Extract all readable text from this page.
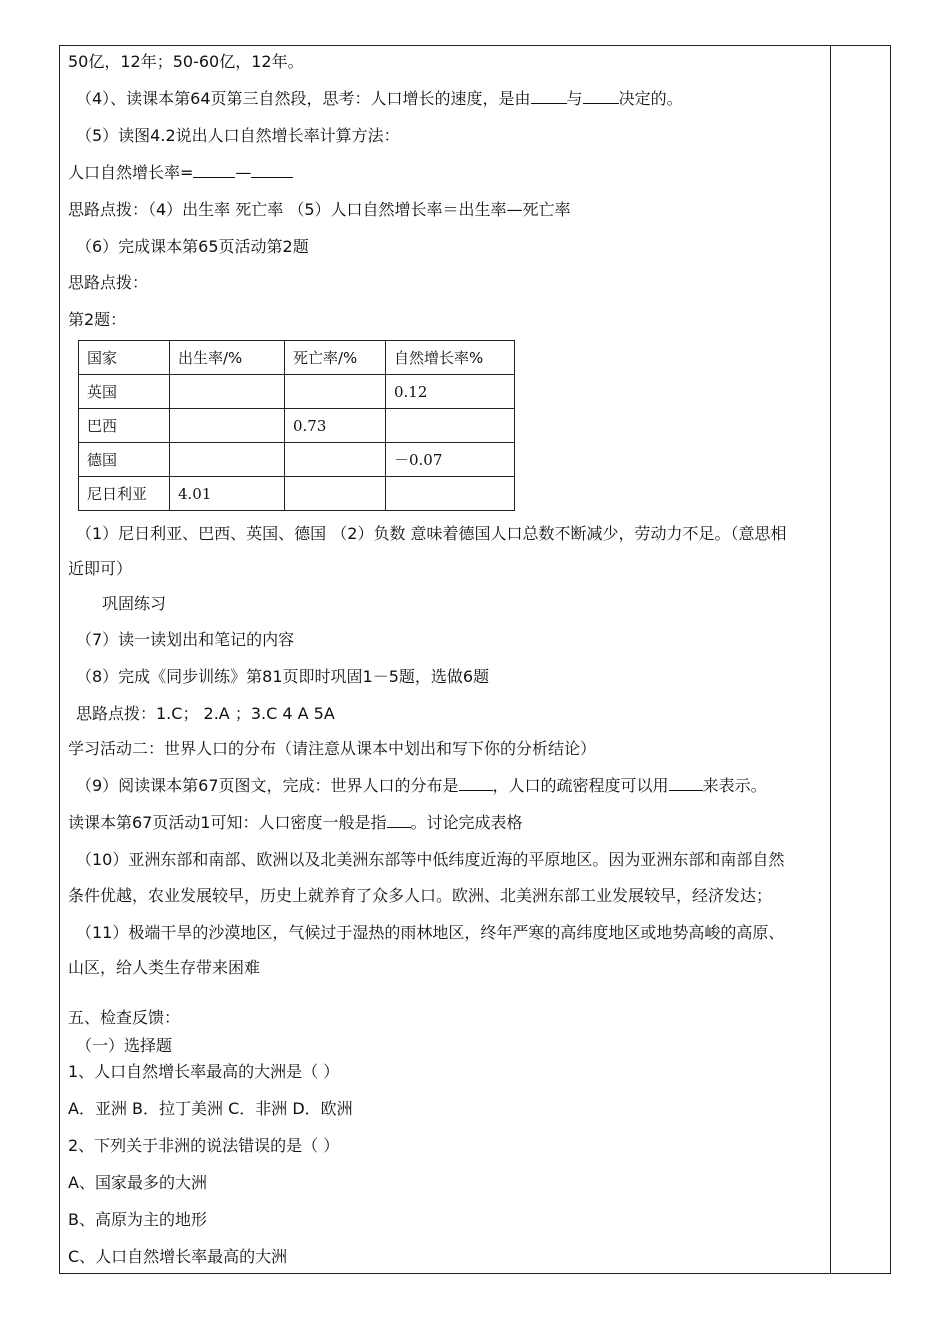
50亿，12年；50-60亿，12年。
（4）、读课本第64页第三自然段，思考：人口增长的速度，是由 与 决定的。
（5）读图4.2说出人口自然增长率计算方法：
人口自然增长率=	—
思路点拨：（4）出生率 死亡率 （5）人口自然增长率＝出生率—死亡率
（6）完成课本第65页活动第2题
思路点拨：
第2题：
国家	出生率/%	死亡率/%	自然增长率%
英国			0.12
巴西		0.73	
德国			－0.07
尼日利亚	4.01		
（1）尼日利亚、巴西、英国、德国 （2）负数 意味着德国人口总数不断减少，劳动力不足。（意思相
近即可）
巩固练习
（7）读一读划出和笔记的内容
（8）完成《同步训练》第81页即时巩固1－5题，选做6题
思路点拨：1.C； 2.A ；3.C 4 A 5A
学习活动二：世界人口的分布（请注意从课本中划出和写下你的分析结论）
（9）阅读课本第67页图文，完成：世界人口的分布是 ，人口的疏密程度可以用 来表示。
读课本第67页活动1可知：人口密度一般是指 。讨论完成表格
（10）亚洲东部和南部、欧洲以及北美洲东部等中低纬度近海的平原地区。因为亚洲东部和南部自然
条件优越，农业发展较早，历史上就养育了众多人口。欧洲、北美洲东部工业发展较早，经济发达；
（11）极端干旱的沙漠地区，气候过于湿热的雨林地区，终年严寒的高纬度地区或地势高峻的高原、
山区，给人类生存带来困难
五、检查反馈：
（一）选择题
1、人口自然增长率最高的大洲是（ ）
A．亚洲 B．拉丁美洲 C．非洲 D．欧洲
2、下列关于非洲的说法错误的是（ ）
A、国家最多的大洲
B、高原为主的地形
C、人口自然增长率最高的大洲
